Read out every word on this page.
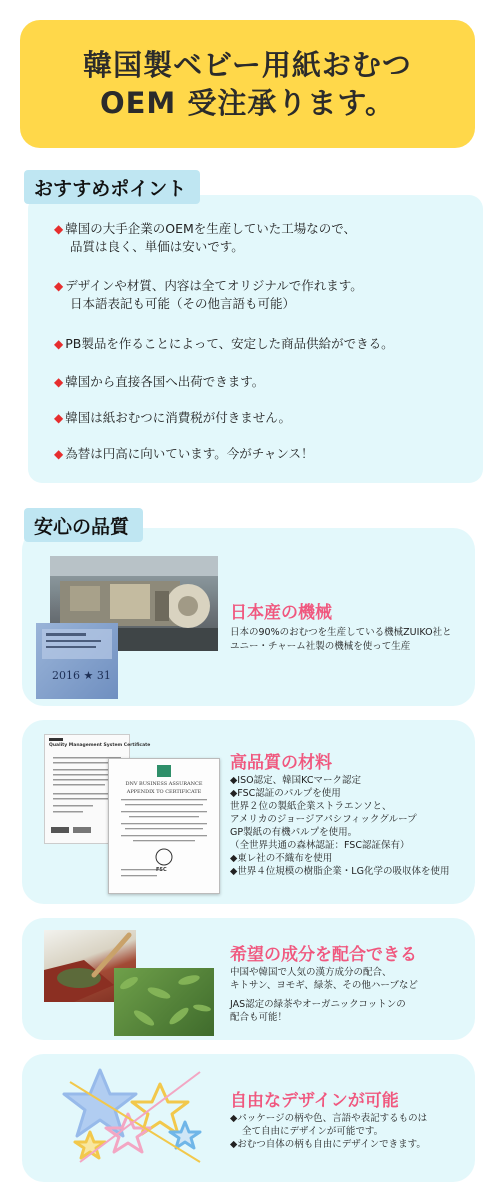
韓国製ベビー用紙おむつ
OEM 受注承ります。
おすすめポイント
◆ 韓国の大手企業のOEMを生産していた工場なので、
品質は良く、単価は安いです。
◆ デザインや材質、内容は全てオリジナルで作れます。
日本語表記も可能（その他言語も可能）
◆ PB製品を作ることによって、安定した商品供給ができる。
◆ 韓国から直接各国へ出荷できます。
◆ 韓国は紙おむつに消費税が付きません。
◆ 為替は円高に向いています。今がチャンス！
安心の品質
2016 ★ 31
日本産の機械
日本の90%のおむつを生産している機械ZUIKO社と
ユニー・チャーム社製の機械を使って生産
Quality Management System Certificate
DNV BUSINESS ASSURANCE
APPENDIX TO CERTIFICATE
FSC
高品質の材料
◆ISO認定、韓国KCマーク認定
◆FSC認証のパルプを使用
世界２位の製紙企業ストラエンソと、
アメリカのジョージアパシフィックグループ
GP製紙の有機パルプを使用。
（全世界共通の森林認証：FSC認証保有）
◆東レ社の不織布を使用
◆世界４位規模の樹脂企業・LG化学の吸収体を使用
希望の成分を配合できる
中国や韓国で人気の漢方成分の配合、
キトサン、ヨモギ、緑茶、その他ハーブなど
JAS認定の緑茶やオーガニックコットンの
配合も可能！
自由なデザインが可能
◆パッケージの柄や色、言語や表記するものは
全て自由にデザインが可能です。
◆おむつ自体の柄も自由にデザインできます。
